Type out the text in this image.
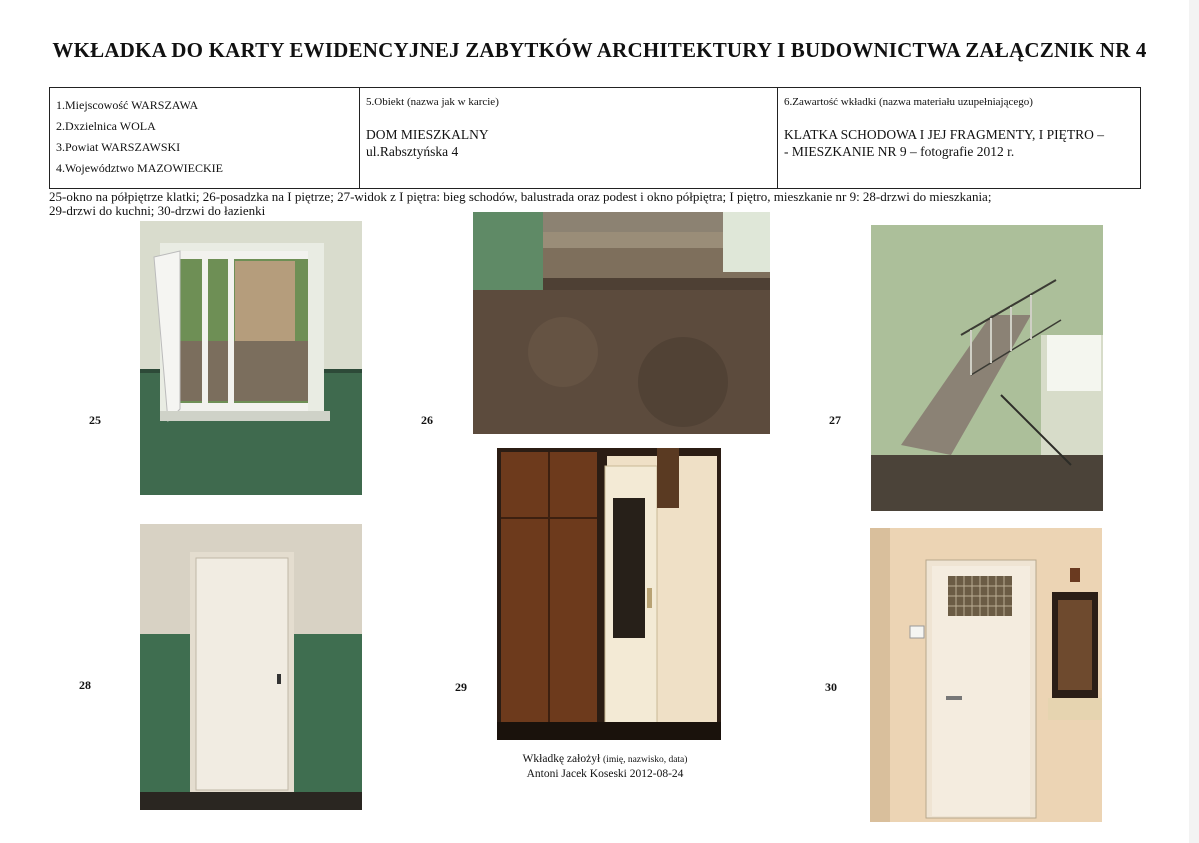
WKŁADKA DO KARTY EWIDENCYJNEJ ZABYTKÓW ARCHITEKTURY I BUDOWNICTWA ZAŁĄCZNIK NR 4
1.Miejscowość WARSZAWA
2.Dxzielnica WOLA
3.Powiat WARSZAWSKI
4.Województwo MAZOWIECKIE
5.Obiekt (nazwa jak w karcie)
DOM MIESZKALNY
ul.Rabsztyńska 4
6.Zawartość wkładki (nazwa materiału uzupełniającego)
KLATKA SCHODOWA I JEJ FRAGMENTY, I PIĘTRO –
- MIESZKANIE NR 9 – fotografie 2012 r.
25-okno na półpiętrze klatki; 26-posadzka na I piętrze; 27-widok z I piętra: bieg schodów, balustrada oraz podest i okno półpiętra; I piętro, mieszkanie nr 9: 28-drzwi do mieszkania;
29-drzwi do kuchni; 30-drzwi do łazienki
25	26	27
28	29	30
Wkładkę założył (imię, nazwisko, data)
Antoni Jacek Koseski 2012-08-24
